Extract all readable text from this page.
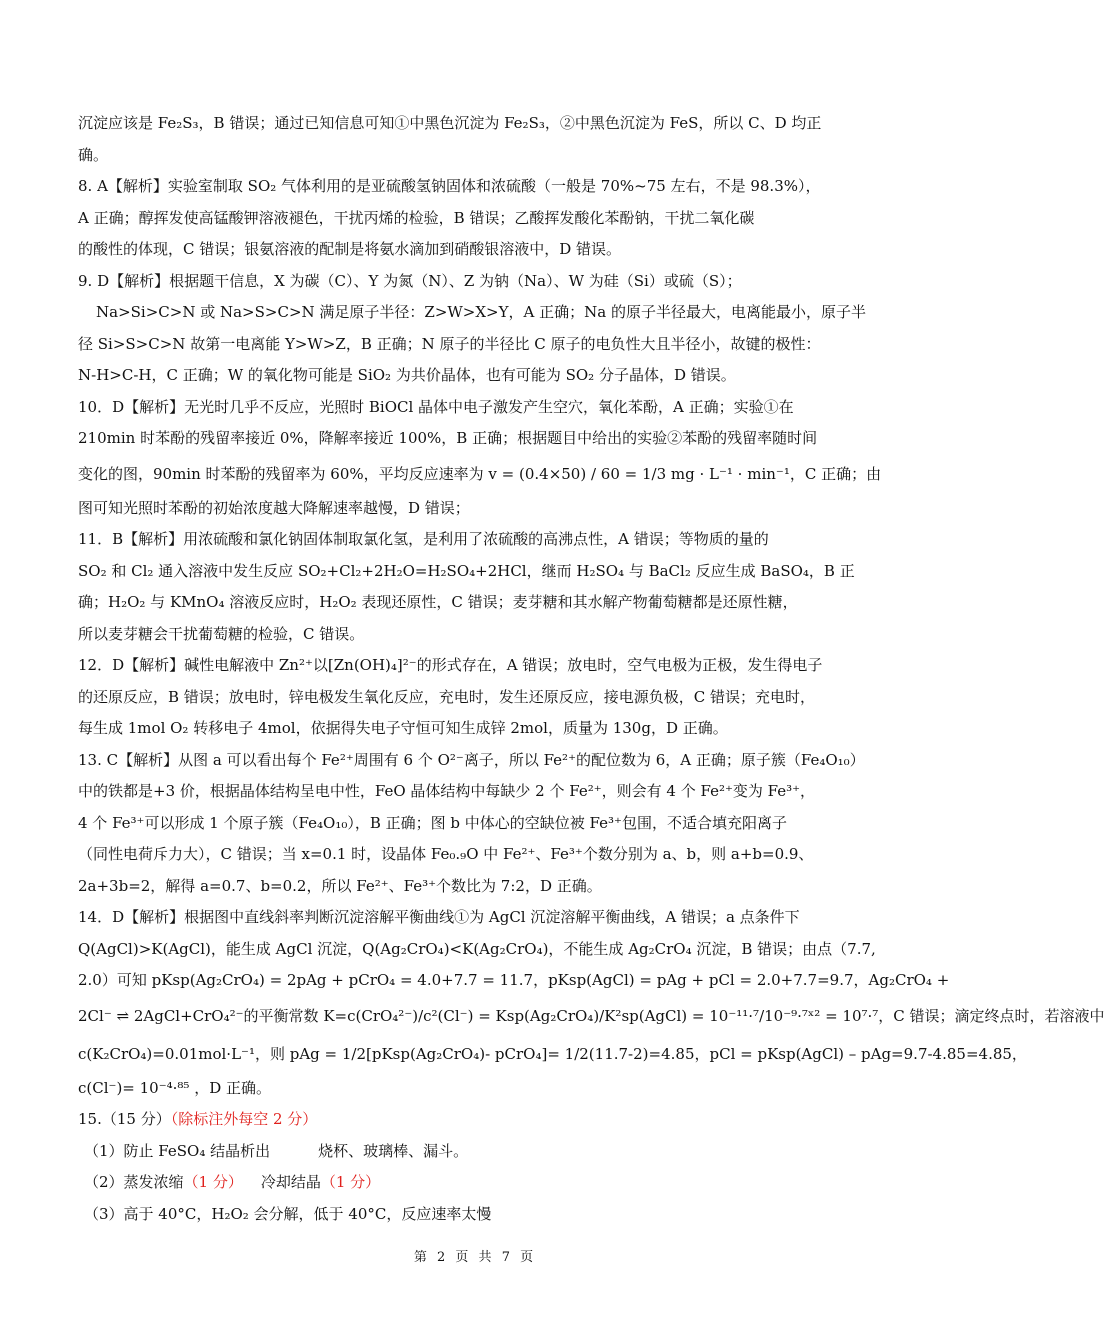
沉淀应该是 Fe₂S₃，B 错误；通过已知信息可知①中黑色沉淀为 Fe₂S₃，②中黑色沉淀为 FeS，所以 C、D 均正
确。
8. A【解析】实验室制取 SO₂ 气体利用的是亚硫酸氢钠固体和浓硫酸（一般是 70%~75 左右，不是 98.3%），
A 正确；醇挥发使高锰酸钾溶液褪色，干扰丙烯的检验，B 错误；乙酸挥发酸化苯酚钠，干扰二氧化碳
的酸性的体现，C 错误；银氨溶液的配制是将氨水滴加到硝酸银溶液中，D 错误。
9. D【解析】根据题干信息，X 为碳（C）、Y 为氮（N）、Z 为钠（Na）、W 为硅（Si）或硫（S）；
Na>Si>C>N 或 Na>S>C>N 满足原子半径：Z>W>X>Y，A 正确；Na 的原子半径最大，电离能最小，原子半
径 Si>S>C>N 故第一电离能 Y>W>Z，B 正确；N 原子的半径比 C 原子的电负性大且半径小，故键的极性：
N-H>C-H，C 正确；W 的氧化物可能是 SiO₂ 为共价晶体，也有可能为 SO₂ 分子晶体，D 错误。
10．D【解析】无光时几乎不反应，光照时 BiOCl 晶体中电子激发产生空穴，氧化苯酚，A 正确；实验①在
210min 时苯酚的残留率接近 0%，降解率接近 100%，B 正确；根据题目中给出的实验②苯酚的残留率随时间
变化的图，90min 时苯酚的残留率为 60%，平均反应速率为 v = (0.4×50) / 60 = 1/3 mg · L⁻¹ · min⁻¹，C 正确；由
图可知光照时苯酚的初始浓度越大降解速率越慢，D 错误；
11．B【解析】用浓硫酸和氯化钠固体制取氯化氢，是利用了浓硫酸的高沸点性，A 错误；等物质的量的
SO₂ 和 Cl₂ 通入溶液中发生反应 SO₂+Cl₂+2H₂O=H₂SO₄+2HCl，继而 H₂SO₄ 与 BaCl₂ 反应生成 BaSO₄，B 正
确；H₂O₂ 与 KMnO₄ 溶液反应时，H₂O₂ 表现还原性，C 错误；麦芽糖和其水解产物葡萄糖都是还原性糖，
所以麦芽糖会干扰葡萄糖的检验，C 错误。
12．D【解析】碱性电解液中 Zn²⁺以[Zn(OH)₄]²⁻的形式存在，A 错误；放电时，空气电极为正极，发生得电子
的还原反应，B 错误；放电时，锌电极发生氧化反应，充电时，发生还原反应，接电源负极，C 错误；充电时，
每生成 1mol O₂ 转移电子 4mol，依据得失电子守恒可知生成锌 2mol，质量为 130g，D 正确。
13. C【解析】从图 a 可以看出每个 Fe²⁺周围有 6 个 O²⁻离子，所以 Fe²⁺的配位数为 6，A 正确；原子簇（Fe₄O₁₀）
中的铁都是+3 价，根据晶体结构呈电中性，FeO 晶体结构中每缺少 2 个 Fe²⁺，则会有 4 个 Fe²⁺变为 Fe³⁺，
4 个 Fe³⁺可以形成 1 个原子簇（Fe₄O₁₀），B 正确；图 b 中体心的空缺位被 Fe³⁺包围，不适合填充阳离子
（同性电荷斥力大），C 错误；当 x=0.1 时，设晶体 Fe₀.₉O 中 Fe²⁺、Fe³⁺个数分别为 a、b，则 a+b=0.9、
2a+3b=2，解得 a=0.7、b=0.2，所以 Fe²⁺、Fe³⁺个数比为 7:2，D 正确。
14．D【解析】根据图中直线斜率判断沉淀溶解平衡曲线①为 AgCl 沉淀溶解平衡曲线，A 错误；a 点条件下
Q(AgCl)>K(AgCl)，能生成 AgCl 沉淀，Q(Ag₂CrO₄)<K(Ag₂CrO₄)，不能生成 Ag₂CrO₄ 沉淀，B 错误；由点（7.7,
2.0）可知 pKsp(Ag₂CrO₄) = 2pAg + pCrO₄ = 4.0+7.7 = 11.7，pKsp(AgCl) = pAg + pCl = 2.0+7.7=9.7，Ag₂CrO₄ +
2Cl⁻ ⇌ 2AgCl+CrO₄²⁻的平衡常数 K=c(CrO₄²⁻)/c²(Cl⁻) = Ksp(Ag₂CrO₄)/K²sp(AgCl) = 10⁻¹¹·⁷/10⁻⁹·⁷ˣ² = 10⁷·⁷，C 错误；滴定终点时，若溶液中
c(K₂CrO₄)=0.01mol·L⁻¹，则 pAg = 1/2[pKsp(Ag₂CrO₄)- pCrO₄]= 1/2(11.7-2)=4.85，pCl = pKsp(AgCl) – pAg=9.7-4.85=4.85，
c(Cl⁻)= 10⁻⁴·⁸⁵ ，D 正确。
15.（15 分）（除标注外每空 2 分）
（1）防止 FeSO₄ 结晶析出	烧杯、玻璃棒、漏斗。
（2）蒸发浓缩（1 分） 冷却结晶（1 分）
（3）高于 40°C，H₂O₂ 会分解，低于 40°C，反应速率太慢
第 2 页 共 7 页
